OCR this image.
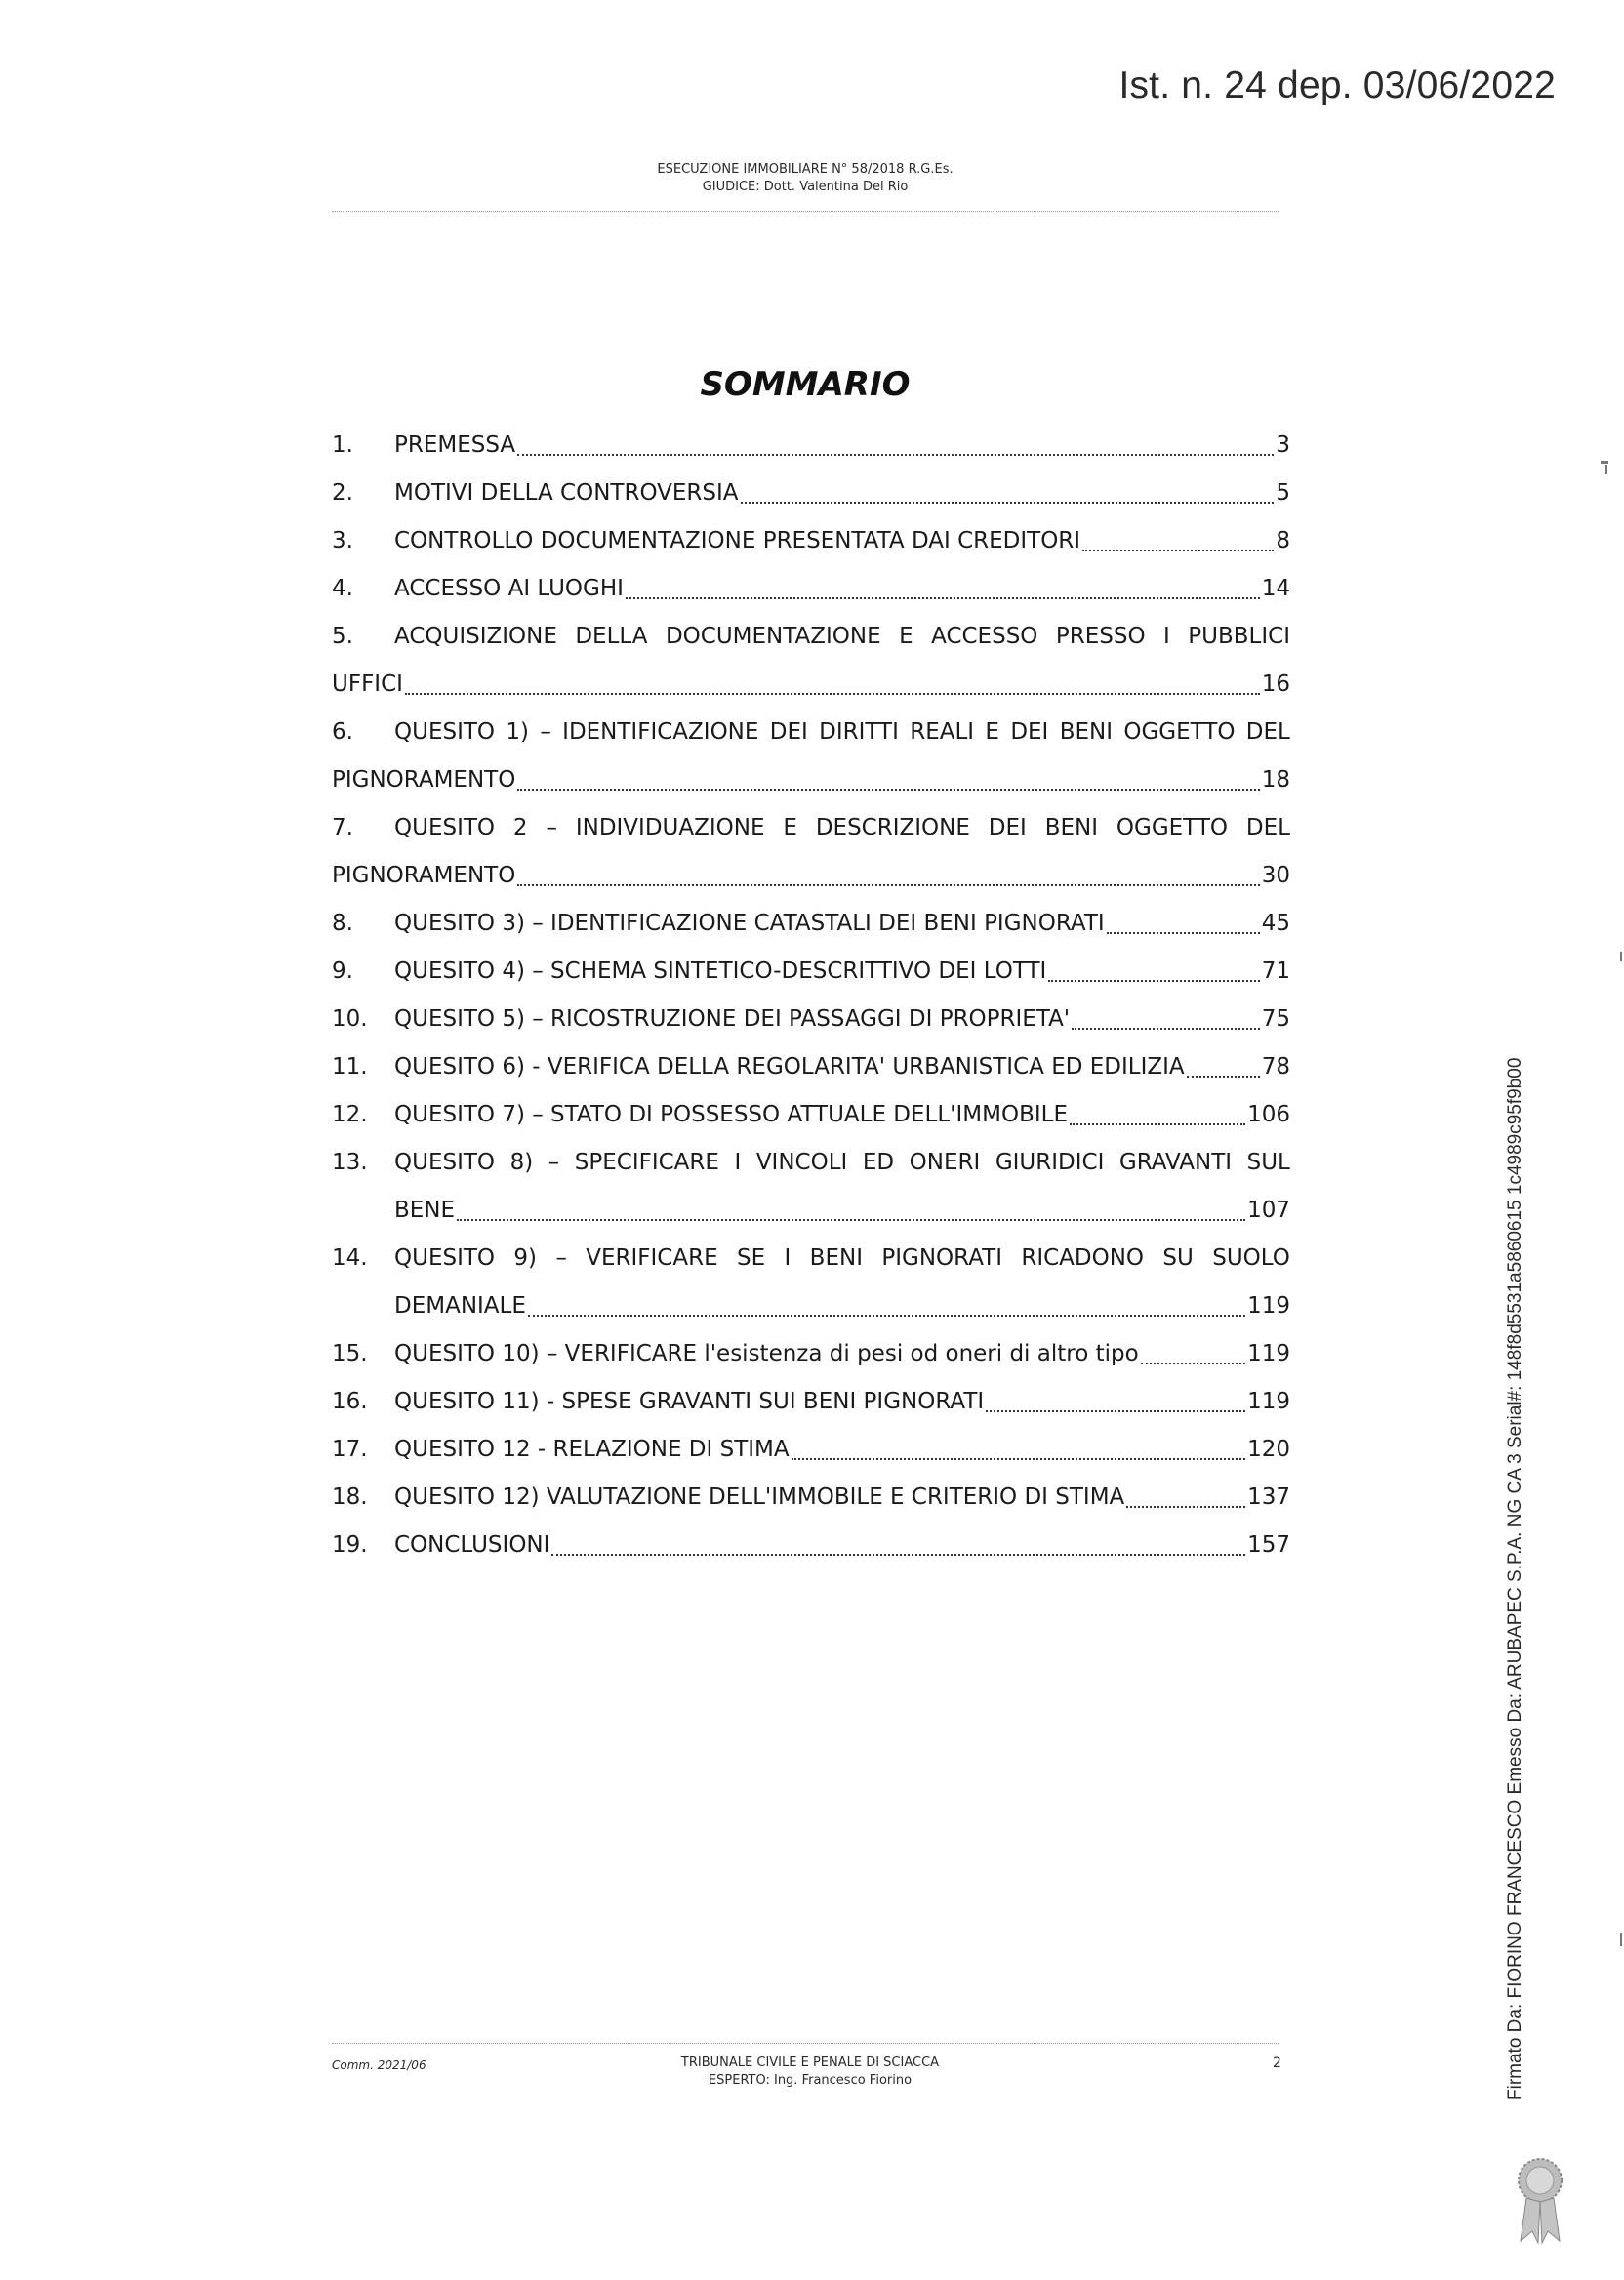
Ist. n. 24 dep. 03/06/2022
ESECUZIONE IMMOBILIARE N° 58/2018 R.G.Es.
GIUDICE: Dott. Valentina Del Rio
SOMMARIO
1.	PREMESSA	3
2.	MOTIVI DELLA CONTROVERSIA	5
3.	CONTROLLO DOCUMENTAZIONE PRESENTATA DAI CREDITORI	8
4.	ACCESSO AI LUOGHI	14
5.	ACQUISIZIONE DELLA DOCUMENTAZIONE E ACCESSO PRESSO I PUBBLICI
UFFICI	16
6.	QUESITO 1) – IDENTIFICAZIONE DEI DIRITTI REALI E DEI BENI OGGETTO DEL
PIGNORAMENTO	18
7.	QUESITO 2 – INDIVIDUAZIONE E DESCRIZIONE DEI BENI OGGETTO DEL
PIGNORAMENTO	30
8.	QUESITO 3) – IDENTIFICAZIONE CATASTALI DEI BENI PIGNORATI	45
9.	QUESITO 4) – SCHEMA SINTETICO-DESCRITTIVO DEI LOTTI	71
10.	QUESITO 5) – RICOSTRUZIONE DEI PASSAGGI DI PROPRIETA'	75
11.	QUESITO 6) - VERIFICA DELLA REGOLARITA' URBANISTICA ED EDILIZIA	78
12.	QUESITO 7) – STATO DI POSSESSO ATTUALE DELL'IMMOBILE	106
13.	QUESITO 8) – SPECIFICARE I VINCOLI ED ONERI GIURIDICI GRAVANTI SUL
BENE	107
14.	QUESITO 9) – VERIFICARE SE I BENI PIGNORATI RICADONO SU SUOLO
DEMANIALE	119
15.	QUESITO 10) – VERIFICARE l'esistenza di pesi od oneri di altro tipo	119
16.	QUESITO 11) - SPESE GRAVANTI SUI BENI PIGNORATI	119
17.	QUESITO 12 - RELAZIONE DI STIMA	120
18.	QUESITO 12) VALUTAZIONE DELL'IMMOBILE E CRITERIO DI STIMA	137
19.	CONCLUSIONI	157
Comm. 2021/06	TRIBUNALE CIVILE E PENALE DI SCIACCA
ESPERTO: Ing. Francesco Fiorino
2	Firmato Da: FIORINO FRANCESCO Emesso Da: ARUBAPEC S.P.A. NG CA 3 Serial#: 148f8d5531a5860615 1c4989c95f9b00
